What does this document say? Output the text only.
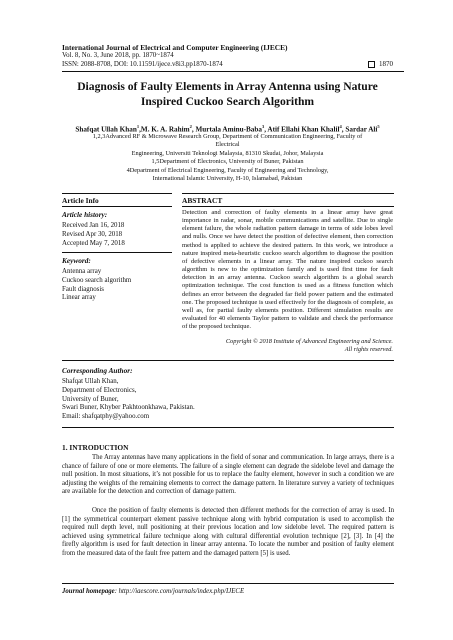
International Journal of Electrical and Computer Engineering (IJECE)
Vol. 8, No. 3, June 2018, pp. 1870~1874
ISSN: 2088-8708, DOI: 10.11591/ijece.v8i3.pp1870-1874	1870
Diagnosis of Faulty Elements in Array Antenna using Nature Inspired Cuckoo Search Algorithm
Shafqat Ullah Khan$^1$,M. K. A. Rahim$^2$, Murtala Aminu-Baba$^3$, Atif Ellahi Khan Khalil$^4$, Sardar Ali$^5$
1,2,3Advanced RF & Microwave Research Group, Department of Communication Engineering, Faculty of Electrical
Engineering, Universiti Teknologi Malaysia, 81310 Skudai, Johor, Malaysia
1,5Department of Electronics, University of Buner, Pakistan
4Department of Electrical Engineering, Faculty of Engineering and Technology,
International Islamic University, H-10, Islamabad, Pakistan
Article Info
Article history:
Received Jan 16, 2018
Revised Apr 30, 2018
Accepted May 7, 2018
Keyword:
Antenna array
Cuckoo search algorithm
Fault diagnosis
Linear array
ABSTRACT
Detection and correction of faulty elements in a linear array have great importance in radar, sonar, mobile communications and satellite. Due to single element failure, the whole radiation pattern damage in terms of side lobes level and nulls. Once we have detect the position of defective element, then correction method is applied to achieve the desired pattern. In this work, we introduce a nature inspired meta-heuristic cuckoo search algorithm to diagnose the position of defective elements in a linear array. The nature inspired cuckoo search algorithm is new to the optimization family and is used first time for fault detection in an array antenna. Cuckoo search algorithm is a global search optimization technique. The cost function is used as a fitness function which defines an error between the degraded far field power pattern and the estimated one. The proposed technique is used effectively for the diagnosis of complete, as well as, for partial faulty elements position. Different simulation results are evaluated for 40 elements Taylor pattern to validate and check the performance of the proposed technique.
Copyright © 2018 Institute of Advanced Engineering and Science.
All rights reserved.
Corresponding Author:
Shafqat Ullah Khan,
Department of Electronics,
University of Buner,
Swari Buner, Khyber Pakhtoonkhawa, Pakistan.
Email: shafqatphy@yahoo.com
1. INTRODUCTION
The Array antennas have many applications in the field of sonar and communication. In large arrays, there is a chance of failure of one or more elements. The failure of a single element can degrade the sidelobe level and damage the null position. In most situations, it’s not possible for us to replace the faulty element, however in such a condition we are adjusting the weights of the remaining elements to correct the damage pattern. In literature survey a variety of techniques are available for the detection and correction of damage pattern.
Once the position of faulty elements is detected then different methods for the correction of array is used. In [1] the symmetrical counterpart element passive technique along with hybrid computation is used to accomplish the required null depth level, null positioning at their previous location and low sidelobe level. The required pattern is achieved using symmetrical failure technique along with cultural differential evolution technique [2], [3]. In [4] the firefly algorithm is used for fault detection in linear array antenna. To locate the number and position of faulty element from the measured data of the fault free pattern and the damaged pattern [5] is used.
Journal homepage: http://iaescore.com/journals/index.php/IJECE
